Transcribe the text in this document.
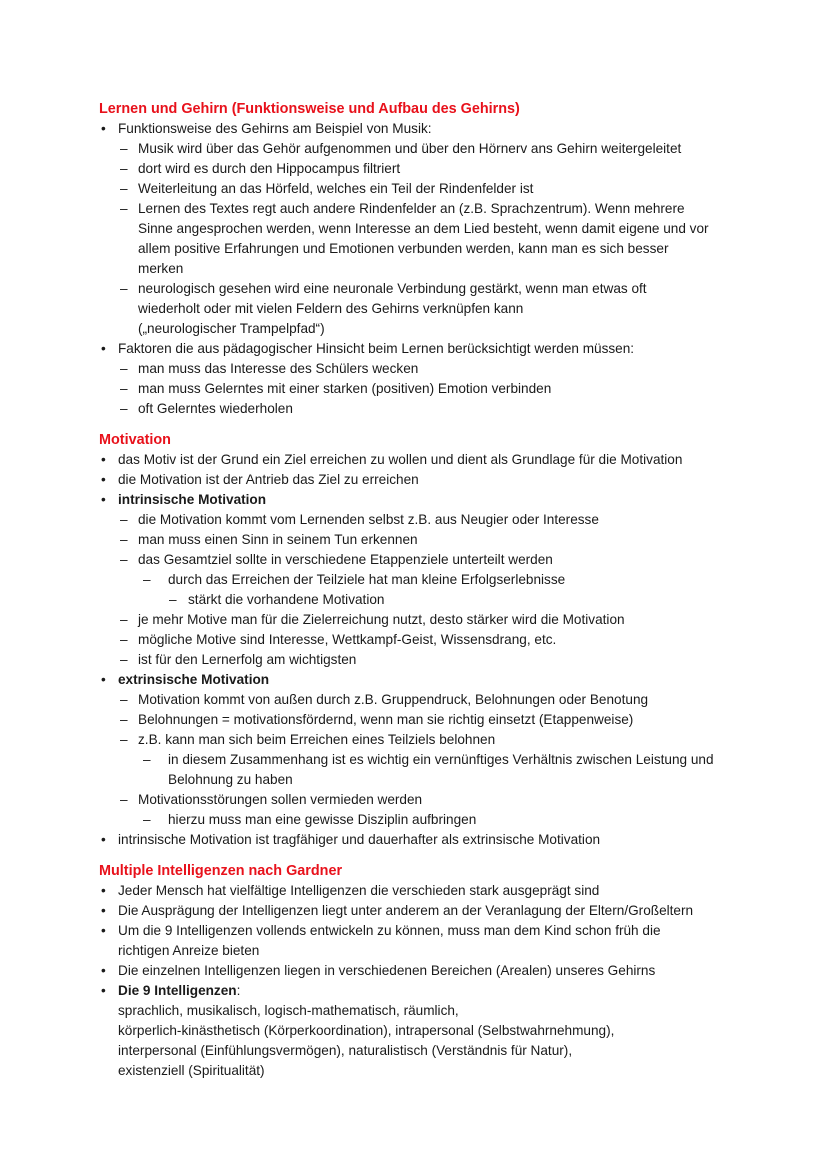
Lernen und Gehirn (Funktionsweise und Aufbau des Gehirns)
• Funktionsweise des Gehirns am Beispiel von Musik:
– Musik wird über das Gehör aufgenommen und über den Hörnerv ans Gehirn weitergeleitet
– dort wird es durch den Hippocampus filtriert
– Weiterleitung an das Hörfeld, welches ein Teil der Rindenfelder ist
– Lernen des Textes regt auch andere Rindenfelder an (z.B. Sprachzentrum). Wenn mehrere
Sinne angesprochen werden, wenn Interesse an dem Lied besteht, wenn damit eigene und vor
allem positive Erfahrungen und Emotionen verbunden werden, kann man es sich besser
merken
– neurologisch gesehen wird eine neuronale Verbindung gestärkt, wenn man etwas oft
wiederholt oder mit vielen Feldern des Gehirns verknüpfen kann
(„neurologischer Trampelpfad“)
• Faktoren die aus pädagogischer Hinsicht beim Lernen berücksichtigt werden müssen:
– man muss das Interesse des Schülers wecken
– man muss Gelerntes mit einer starken (positiven) Emotion verbinden
– oft Gelerntes wiederholen
Motivation
• das Motiv ist der Grund ein Ziel erreichen zu wollen und dient als Grundlage für die Motivation
• die Motivation ist der Antrieb das Ziel zu erreichen
• intrinsische Motivation
– die Motivation kommt vom Lernenden selbst z.B. aus Neugier oder Interesse
– man muss einen Sinn in seinem Tun erkennen
– das Gesamtziel sollte in verschiedene Etappenziele unterteilt werden
– durch das Erreichen der Teilziele hat man kleine Erfolgserlebnisse
– stärkt die vorhandene Motivation
– je mehr Motive man für die Zielerreichung nutzt, desto stärker wird die Motivation
– mögliche Motive sind Interesse, Wettkampf-Geist, Wissensdrang, etc.
– ist für den Lernerfolg am wichtigsten
• extrinsische Motivation
– Motivation kommt von außen durch z.B. Gruppendruck, Belohnungen oder Benotung
– Belohnungen = motivationsfördernd, wenn man sie richtig einsetzt (Etappenweise)
– z.B. kann man sich beim Erreichen eines Teilziels belohnen
– in diesem Zusammenhang ist es wichtig ein vernünftiges Verhältnis zwischen Leistung und
Belohnung zu haben
– Motivationsstörungen sollen vermieden werden
– hierzu muss man eine gewisse Disziplin aufbringen
• intrinsische Motivation ist tragfähiger und dauerhafter als extrinsische Motivation
Multiple Intelligenzen nach Gardner
• Jeder Mensch hat vielfältige Intelligenzen die verschieden stark ausgeprägt sind
• Die Ausprägung der Intelligenzen liegt unter anderem an der Veranlagung der Eltern/Großeltern
• Um die 9 Intelligenzen vollends entwickeln zu können, muss man dem Kind schon früh die
richtigen Anreize bieten
• Die einzelnen Intelligenzen liegen in verschiedenen Bereichen (Arealen) unseres Gehirns
• Die 9 Intelligenzen:
sprachlich, musikalisch, logisch-mathematisch, räumlich,
körperlich-kinästhetisch (Körperkoordination), intrapersonal (Selbstwahrnehmung),
interpersonal (Einfühlungsvermögen), naturalistisch (Verständnis für Natur),
existenziell (Spiritualität)
